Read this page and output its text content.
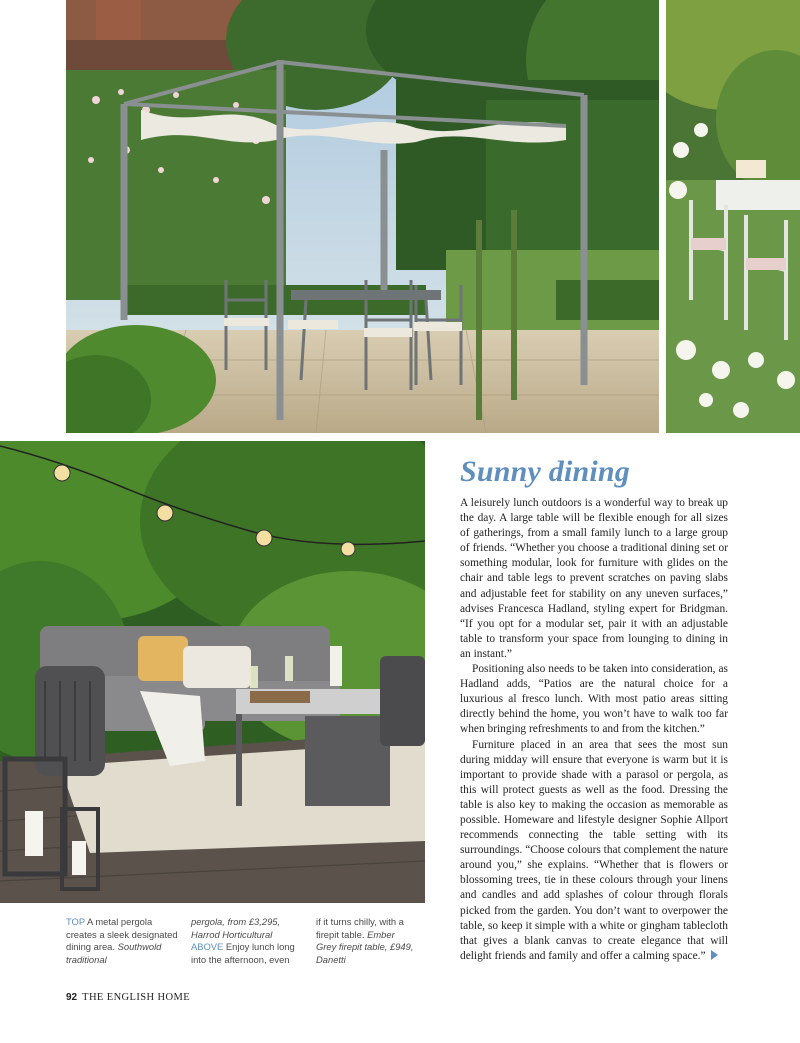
Sunny dining

A leisurely lunch outdoors is a wonderful way to break up the day. A large table will be flexible enough for all sizes of gatherings, from a small family lunch to a large group of friends. “Whether you choose a traditional dining set or something modular, look for furniture with glides on the chair and table legs to prevent scratches on paving slabs and adjustable feet for stability on any uneven surfaces,” advises Francesca Hadland, styling expert for Bridgman. “If you opt for a modular set, pair it with an adjustable table to transform your space from lounging to dining in an instant.”

Positioning also needs to be taken into consideration, as Hadland adds, “Patios are the natural choice for a luxurious al fresco lunch. With most patio areas sitting directly behind the home, you won’t have to walk too far when bringing refreshments to and from the kitchen.”

Furniture placed in an area that sees the most sun during midday will ensure that everyone is warm but it is important to provide shade with a parasol or pergola, as this will protect guests as well as the food. Dressing the table is also key to making the occasion as memorable as possible. Homeware and lifestyle designer Sophie Allport recommends connecting the table setting with its surroundings. “Choose colours that complement the nature around you,” she explains. “Whether that is flowers or blossoming trees, tie in these colours through your linens and candles and add splashes of colour through florals picked from the garden. You don’t want to overpower the table, so keep it simple with a white or gingham tablecloth that gives a blank canvas to create elegance that will delight friends and family and offer a calming space.”

TOP A metal pergola creates a sleek designated dining area. Southwold traditional
pergola, from £3,295, Harrod Horticultural
ABOVE Enjoy lunch long into the afternoon, even
if it turns chilly, with a firepit table. Ember Grey firepit table, £949, Danetti
92 THE ENGLISH HOME
